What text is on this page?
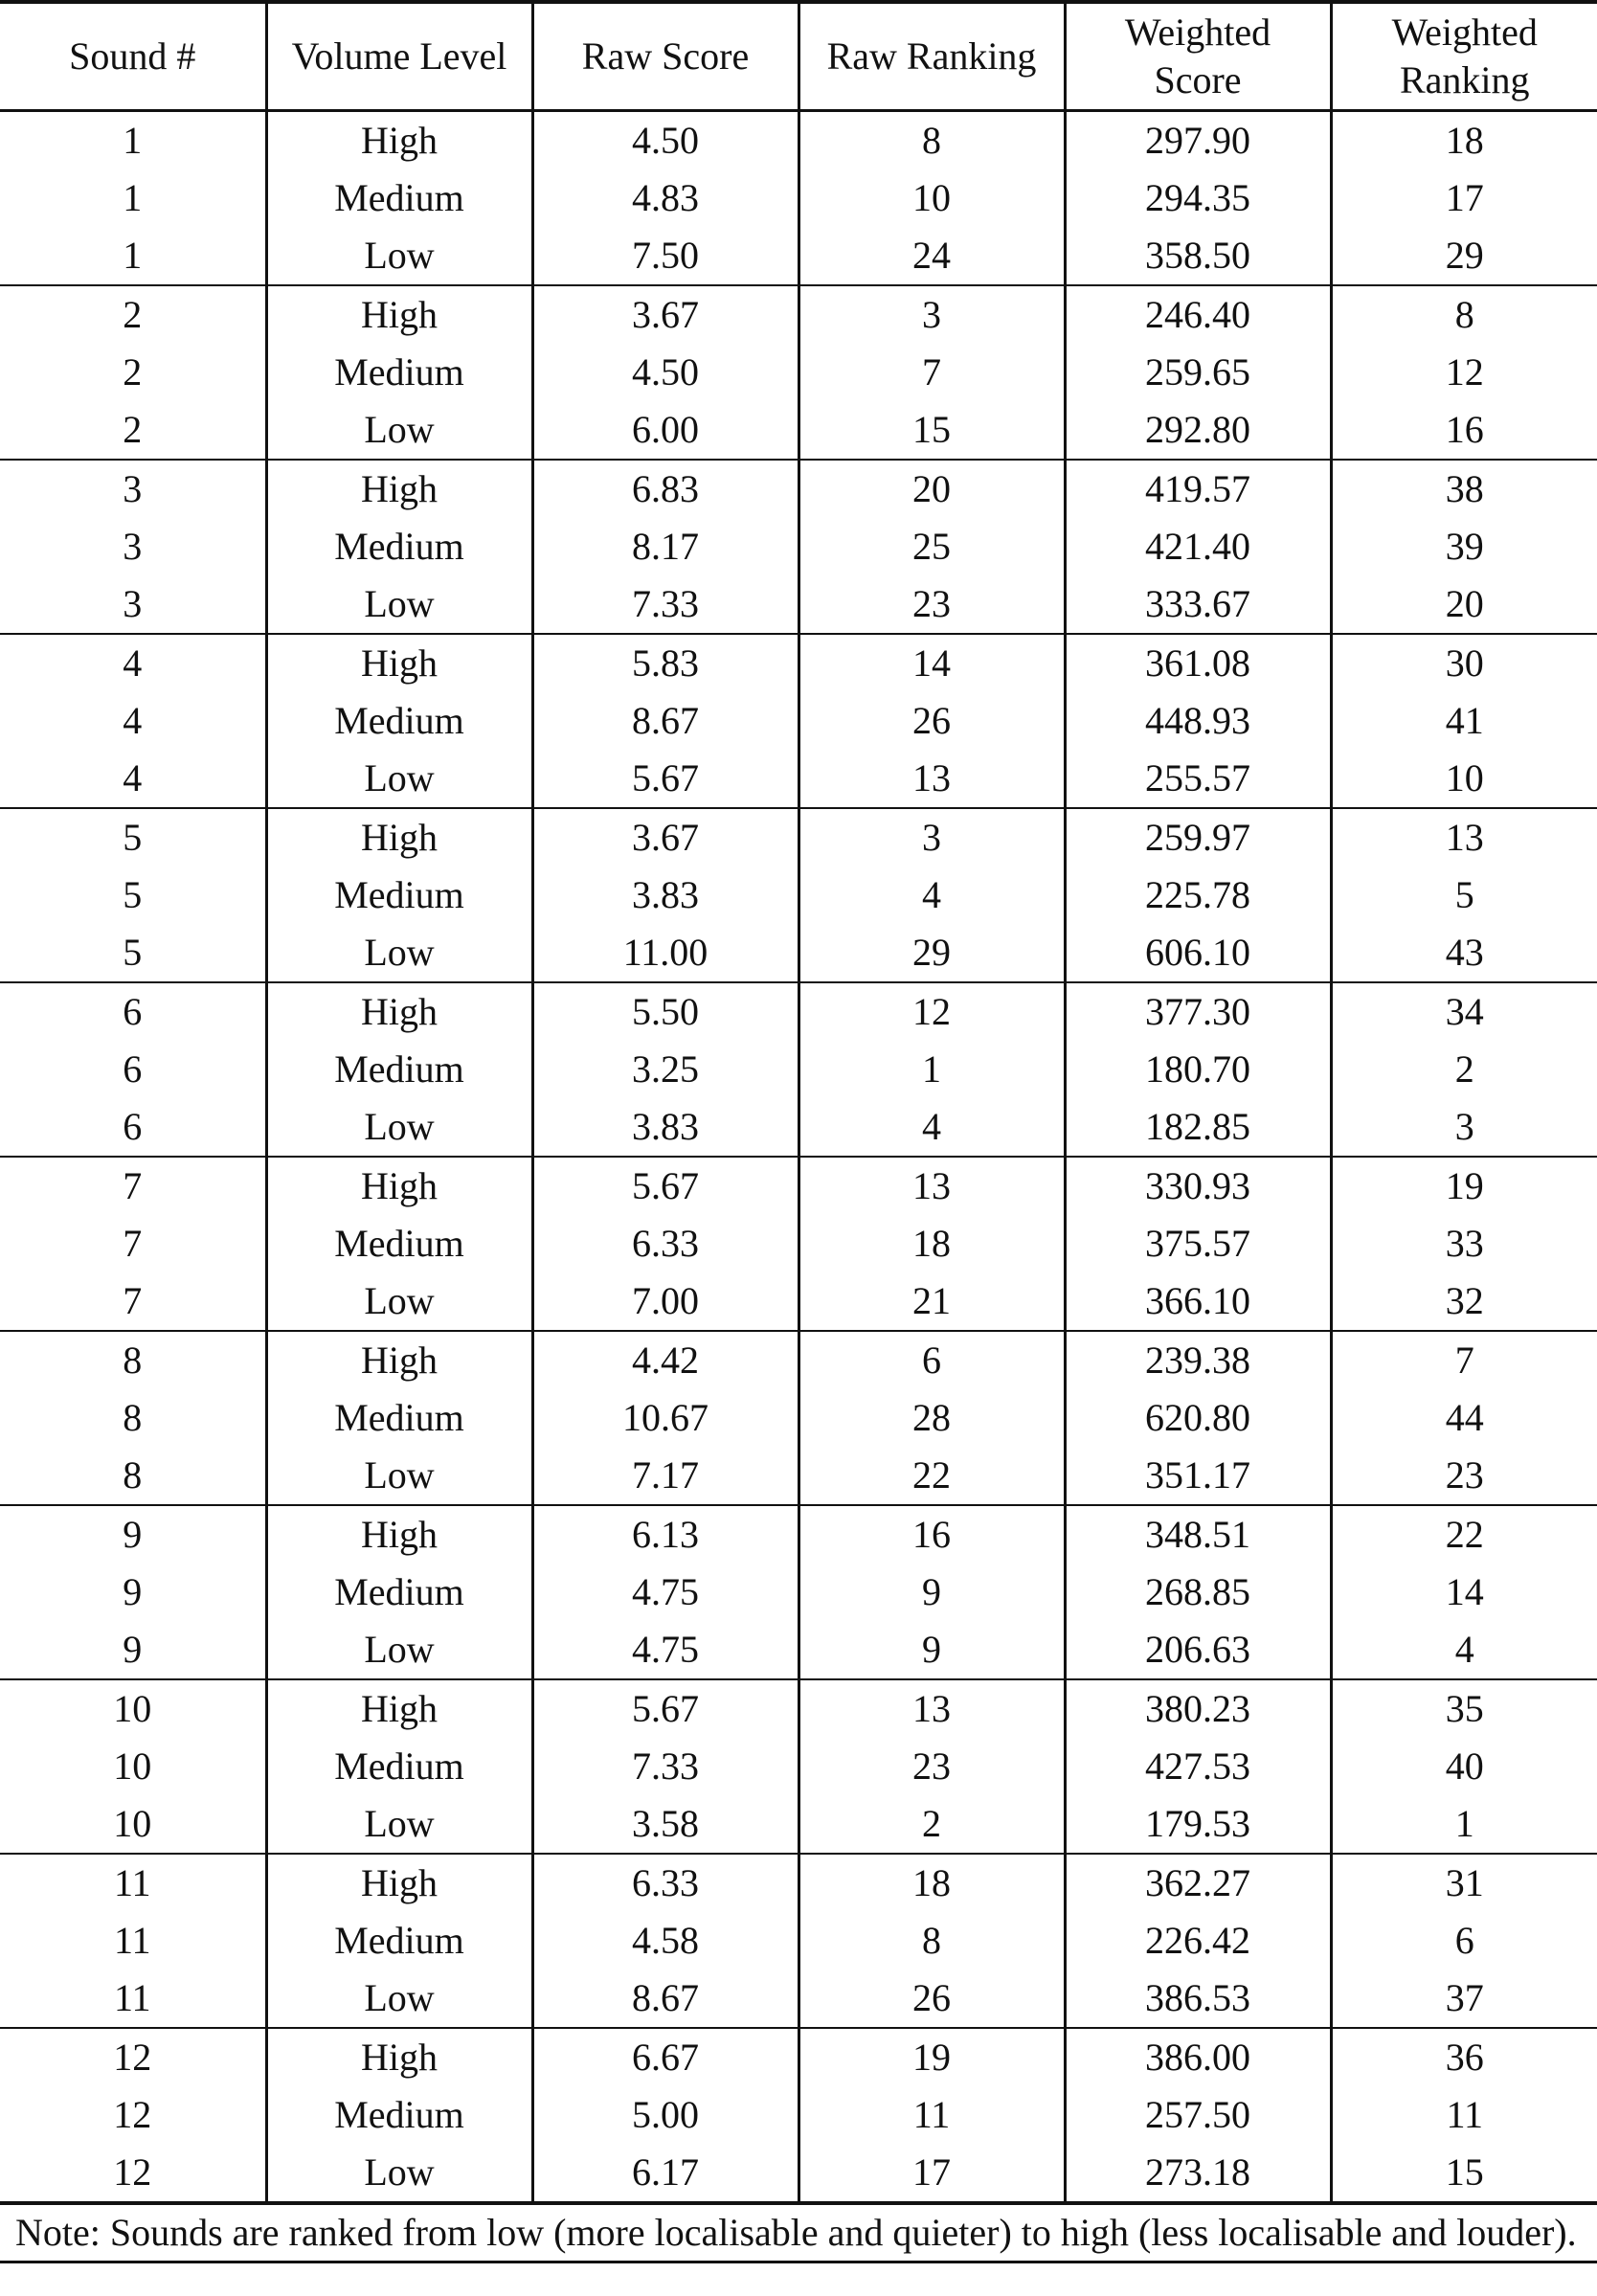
Sound #	Volume Level	Raw Score	Raw Ranking	Weighted Score	Weighted Ranking
1	High	4.50	8	297.90	18
1	Medium	4.83	10	294.35	17
1	Low	7.50	24	358.50	29
2	High	3.67	3	246.40	8
2	Medium	4.50	7	259.65	12
2	Low	6.00	15	292.80	16
3	High	6.83	20	419.57	38
3	Medium	8.17	25	421.40	39
3	Low	7.33	23	333.67	20
4	High	5.83	14	361.08	30
4	Medium	8.67	26	448.93	41
4	Low	5.67	13	255.57	10
5	High	3.67	3	259.97	13
5	Medium	3.83	4	225.78	5
5	Low	11.00	29	606.10	43
6	High	5.50	12	377.30	34
6	Medium	3.25	1	180.70	2
6	Low	3.83	4	182.85	3
7	High	5.67	13	330.93	19
7	Medium	6.33	18	375.57	33
7	Low	7.00	21	366.10	32
8	High	4.42	6	239.38	7
8	Medium	10.67	28	620.80	44
8	Low	7.17	22	351.17	23
9	High	6.13	16	348.51	22
9	Medium	4.75	9	268.85	14
9	Low	4.75	9	206.63	4
10	High	5.67	13	380.23	35
10	Medium	7.33	23	427.53	40
10	Low	3.58	2	179.53	1
11	High	6.33	18	362.27	31
11	Medium	4.58	8	226.42	6
11	Low	8.67	26	386.53	37
12	High	6.67	19	386.00	36
12	Medium	5.00	11	257.50	11
12	Low	6.17	17	273.18	15
Note: Sounds are ranked from low (more localisable and quieter) to high (less localisable and louder).
